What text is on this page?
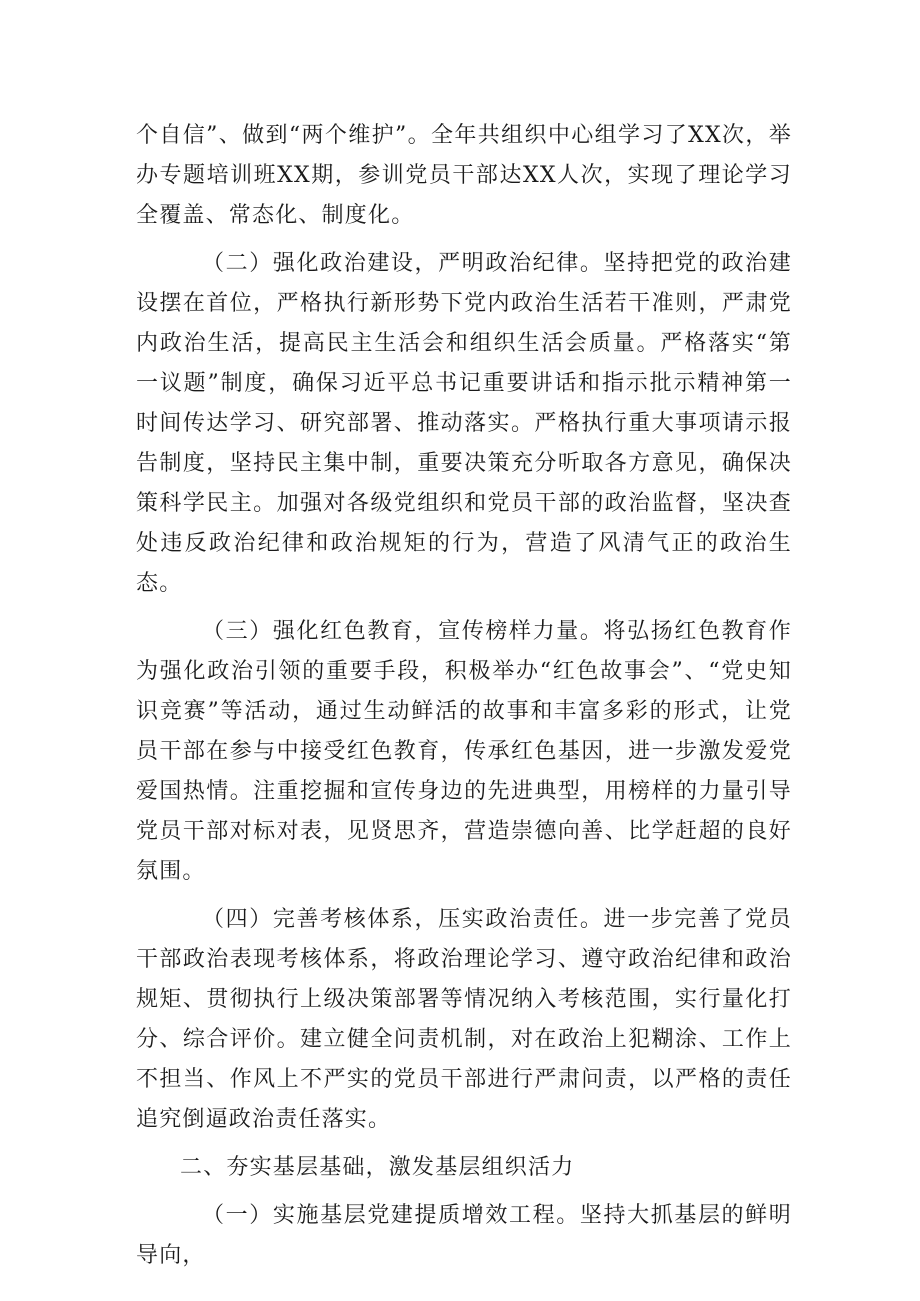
个自信”、做到“两个维护”。全年共组织中心组学习了XX次，举办专题培训班XX期，参训党员干部达XX人次，实现了理论学习全覆盖、常态化、制度化。

（二）强化政治建设，严明政治纪律。坚持把党的政治建设摆在首位，严格执行新形势下党内政治生活若干准则，严肃党内政治生活，提高民主生活会和组织生活会质量。严格落实“第一议题”制度，确保习近平总书记重要讲话和指示批示精神第一时间传达学习、研究部署、推动落实。严格执行重大事项请示报告制度，坚持民主集中制，重要决策充分听取各方意见，确保决策科学民主。加强对各级党组织和党员干部的政治监督，坚决查处违反政治纪律和政治规矩的行为，营造了风清气正的政治生态。

（三）强化红色教育，宣传榜样力量。将弘扬红色教育作为强化政治引领的重要手段，积极举办“红色故事会”、“党史知识竞赛”等活动，通过生动鲜活的故事和丰富多彩的形式，让党员干部在参与中接受红色教育，传承红色基因，进一步激发爱党爱国热情。注重挖掘和宣传身边的先进典型，用榜样的力量引导党员干部对标对表，见贤思齐，营造崇德向善、比学赶超的良好氛围。

（四）完善考核体系，压实政治责任。进一步完善了党员干部政治表现考核体系，将政治理论学习、遵守政治纪律和政治规矩、贯彻执行上级决策部署等情况纳入考核范围，实行量化打分、综合评价。建立健全问责机制，对在政治上犯糊涂、工作上不担当、作风上不严实的党员干部进行严肃问责，以严格的责任追究倒逼政治责任落实。

二、夯实基层基础，激发基层组织活力

（一）实施基层党建提质增效工程。坚持大抓基层的鲜明导向，
